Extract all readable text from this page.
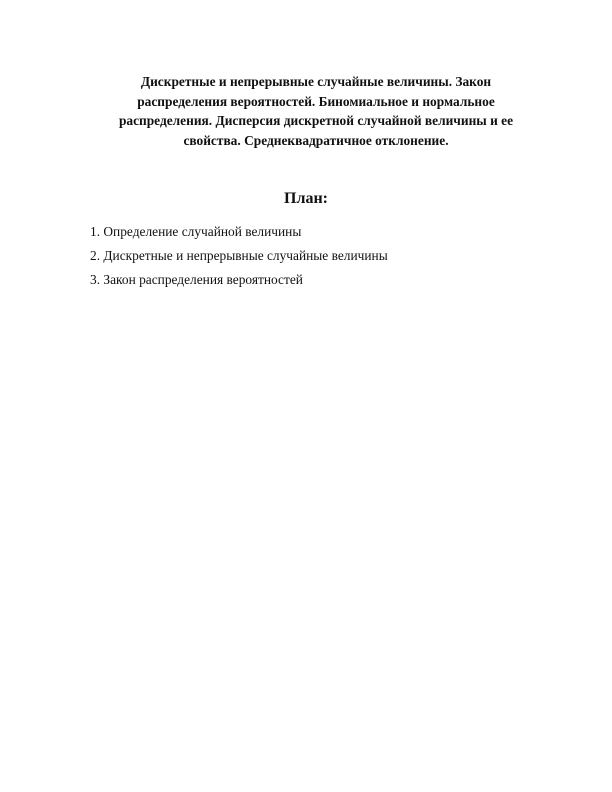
Дискретные и непрерывные случайные величины. Закон
распределения вероятностей. Биномиальное и нормальное
распределения. Дисперсия дискретной случайной величины и ее
свойства. Среднеквадратичное отклонение.
План:
1. Определение случайной величины
2. Дискретные и непрерывные случайные величины
3. Закон распределения вероятностей
